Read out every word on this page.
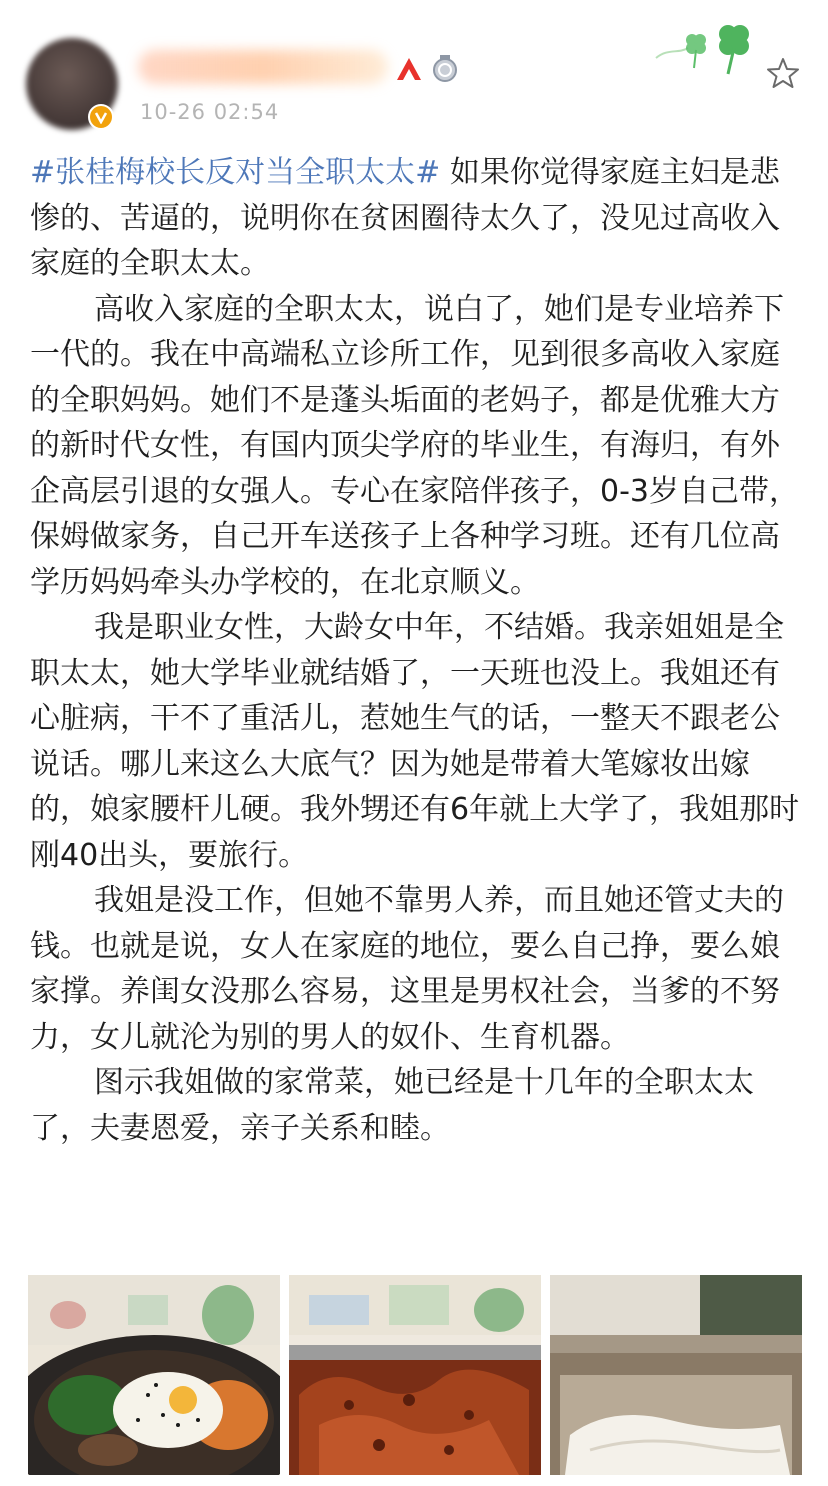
10-26 02:54

#张桂梅校长反对当全职太太# 如果你觉得家庭主妇是悲惨的、苦逼的，说明你在贫困圈待太久了，没见过高收入家庭的全职太太。

高收入家庭的全职太太，说白了，她们是专业培养下一代的。我在中高端私立诊所工作，见到很多高收入家庭的全职妈妈。她们不是蓬头垢面的老妈子，都是优雅大方的新时代女性，有国内顶尖学府的毕业生，有海归，有外企高层引退的女强人。专心在家陪伴孩子，0-3岁自己带，保姆做家务，自己开车送孩子上各种学习班。还有几位高学历妈妈牵头办学校的，在北京顺义。

我是职业女性，大龄女中年，不结婚。我亲姐姐是全职太太，她大学毕业就结婚了，一天班也没上。我姐还有心脏病，干不了重活儿，惹她生气的话，一整天不跟老公说话。哪儿来这么大底气？因为她是带着大笔嫁妆出嫁的，娘家腰杆儿硬。我外甥还有6年就上大学了，我姐那时刚40出头，要旅行。

我姐是没工作，但她不靠男人养，而且她还管丈夫的钱。也就是说，女人在家庭的地位，要么自己挣，要么娘家撑。养闺女没那么容易，这里是男权社会，当爹的不努力，女儿就沦为别的男人的奴仆、生育机器。

图示我姐做的家常菜，她已经是十几年的全职太太了，夫妻恩爱，亲子关系和睦。
